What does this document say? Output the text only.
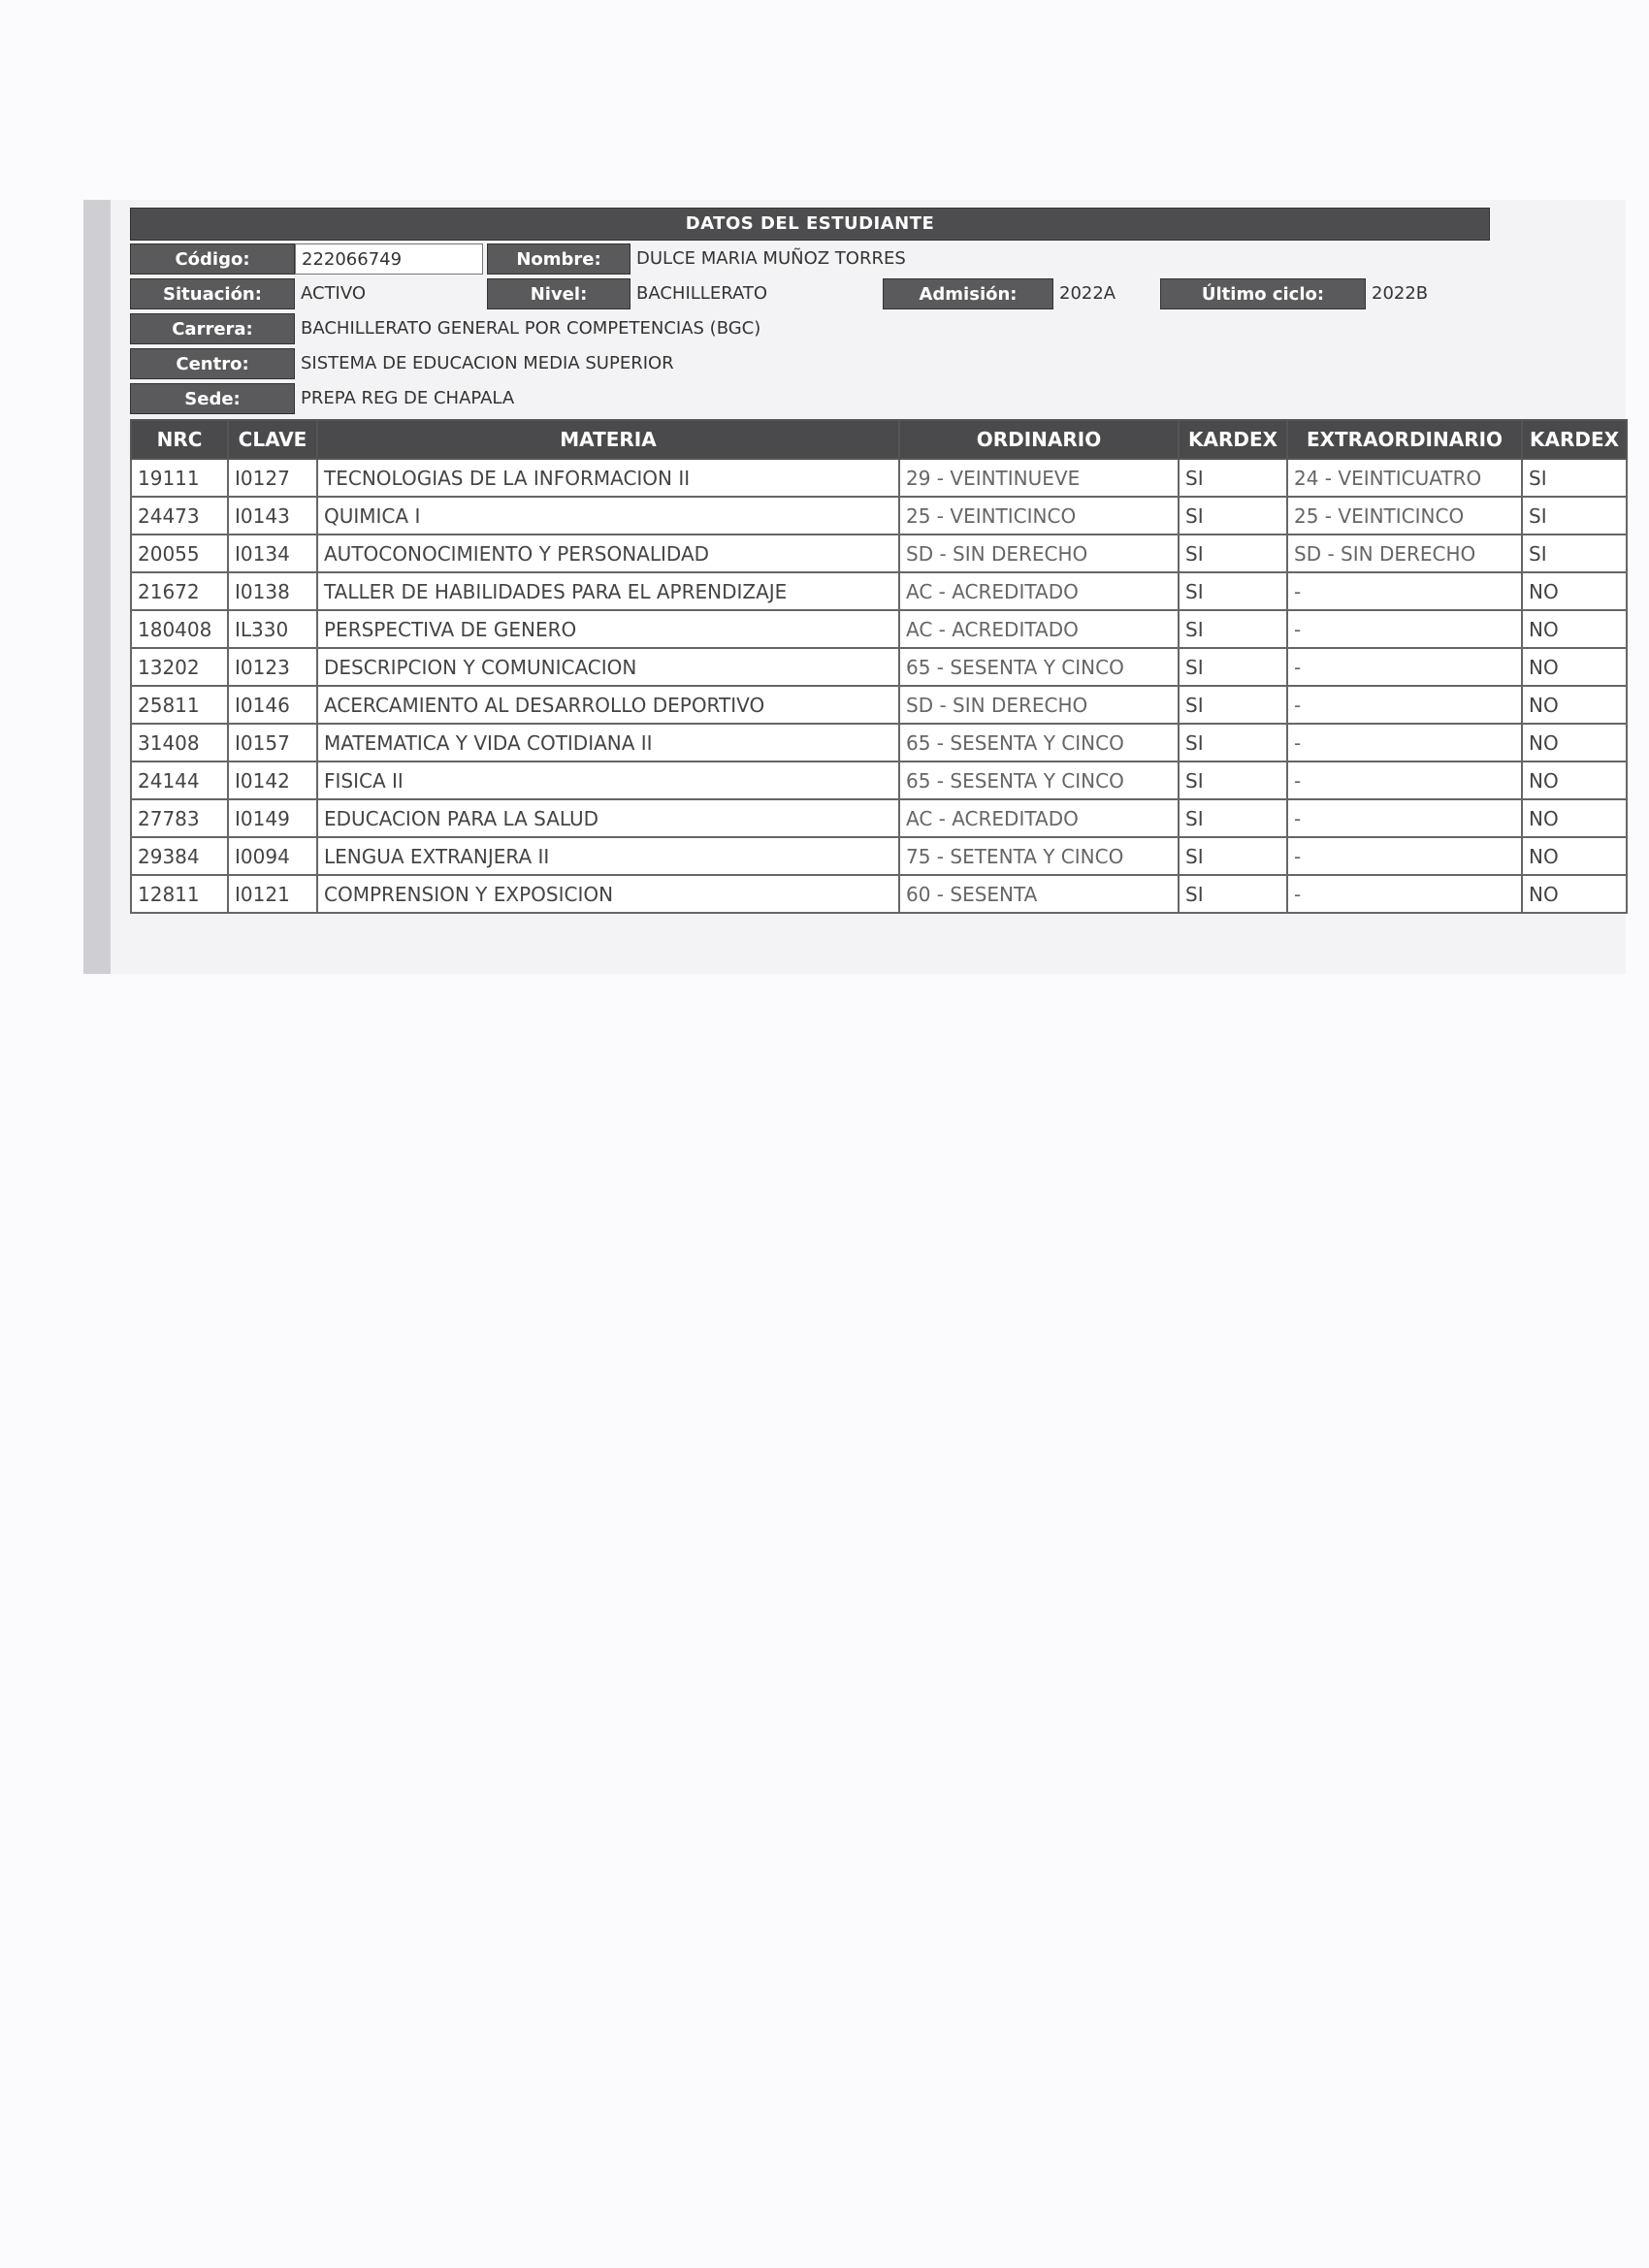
DATOS DEL ESTUDIANTE
Código:	222066749	Nombre:	DULCE MARIA MUÑOZ TORRES
Situación:	ACTIVO	Nivel:	BACHILLERATO	Admisión:	2022A	Último ciclo:	2022B
Carrera:	BACHILLERATO GENERAL POR COMPETENCIAS (BGC)
Centro:	SISTEMA DE EDUCACION MEDIA SUPERIOR
Sede:	PREPA REG DE CHAPALA
NRC	CLAVE	MATERIA	ORDINARIO	KARDEX	EXTRAORDINARIO	KARDEX
19111	I0127	TECNOLOGIAS DE LA INFORMACION II	29 - VEINTINUEVE	SI	24 - VEINTICUATRO	SI
24473	I0143	QUIMICA I	25 - VEINTICINCO	SI	25 - VEINTICINCO	SI
20055	I0134	AUTOCONOCIMIENTO Y PERSONALIDAD	SD - SIN DERECHO	SI	SD - SIN DERECHO	SI
21672	I0138	TALLER DE HABILIDADES PARA EL APRENDIZAJE	AC - ACREDITADO	SI	-	NO
180408	IL330	PERSPECTIVA DE GENERO	AC - ACREDITADO	SI	-	NO
13202	I0123	DESCRIPCION Y COMUNICACION	65 - SESENTA Y CINCO	SI	-	NO
25811	I0146	ACERCAMIENTO AL DESARROLLO DEPORTIVO	SD - SIN DERECHO	SI	-	NO
31408	I0157	MATEMATICA Y VIDA COTIDIANA II	65 - SESENTA Y CINCO	SI	-	NO
24144	I0142	FISICA II	65 - SESENTA Y CINCO	SI	-	NO
27783	I0149	EDUCACION PARA LA SALUD	AC - ACREDITADO	SI	-	NO
29384	I0094	LENGUA EXTRANJERA II	75 - SETENTA Y CINCO	SI	-	NO
12811	I0121	COMPRENSION Y EXPOSICION	60 - SESENTA	SI	-	NO
